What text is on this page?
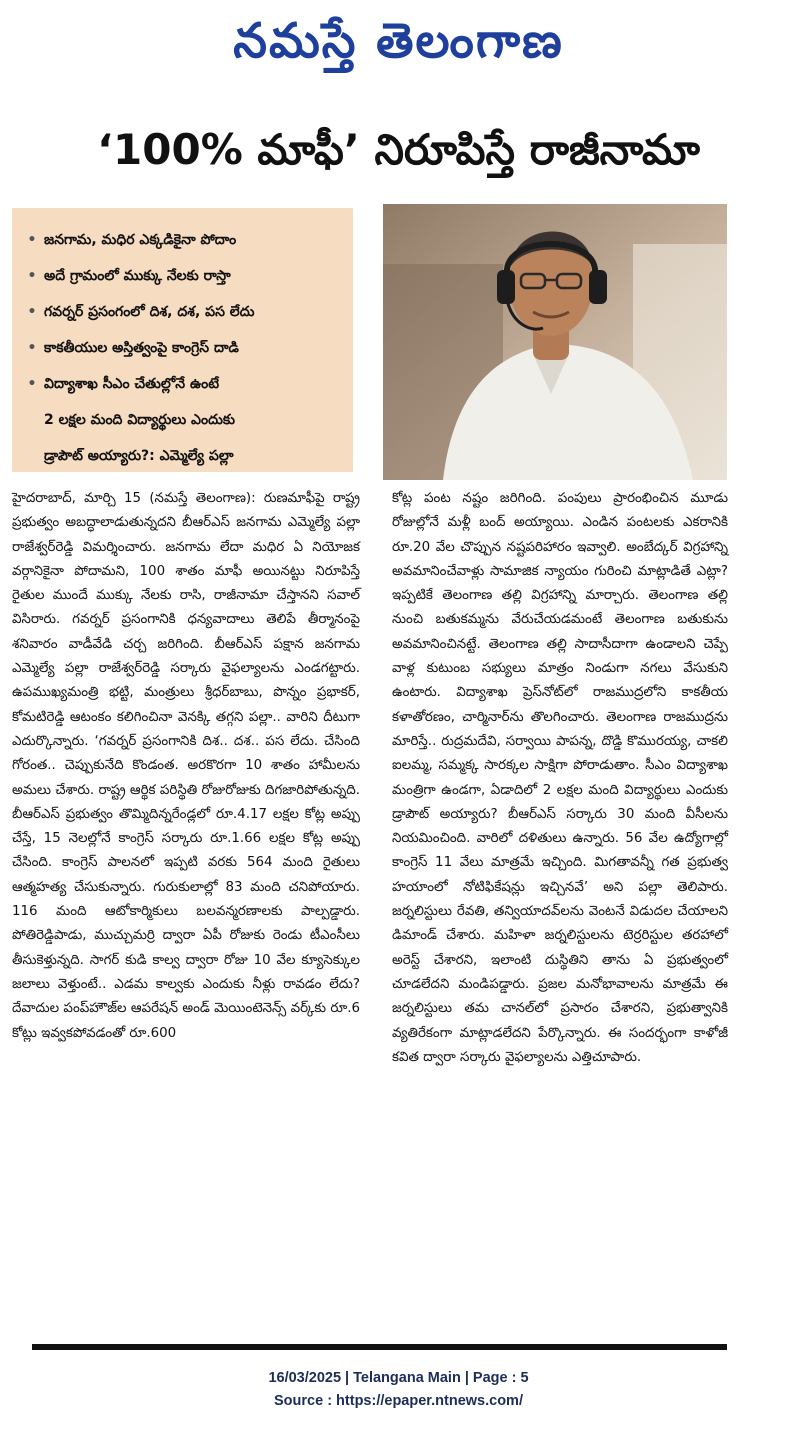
నమస్తే తెలంగాణ
‘100% మాఫీ’ నిరూపిస్తే రాజీనామా
• జనగామ, మధిర ఎక్కడికైనా పోదాం
• అదే గ్రామంలో ముక్కు నేలకు రాస్తా
• గవర్నర్ ప్రసంగంలో దిశ, దశ, పస లేదు
• కాకతీయుల అస్తిత్వంపై కాంగ్రెస్ దాడి
• విద్యాశాఖ సీఎం చేతుల్లోనే ఉంటే
2 లక్షల మంది విద్యార్థులు ఎందుకు
డ్రాపౌట్ అయ్యారు?: ఎమ్మెల్యే పల్లా

హైదరాబాద్, మార్చి 15 (నమస్తే తెలంగాణ): రుణమాఫీపై రాష్ట్ర ప్రభుత్వం అబద్ధాలాడుతున్నదని బీఆర్ఎస్ జనగామ ఎమ్మెల్యే పల్లా రాజేశ్వర్‌రెడ్డి విమర్శించారు. జనగామ లేదా మధిర ఏ నియోజక వర్గానికైనా పోదామని, 100 శాతం మాఫీ అయినట్టు నిరూపిస్తే రైతుల ముందే ముక్కు నేలకు రాసి, రాజీనామా చేస్తానని సవాల్ విసిరారు. గవర్నర్ ప్రసంగానికి ధన్యవాదాలు తెలిపే తీర్మానంపై శనివారం వాడీవేడి చర్చ జరిగింది. బీఆర్ఎస్ పక్షాన జనగామ ఎమ్మెల్యే పల్లా రాజేశ్వర్‌రెడ్డి సర్కారు వైఫల్యాలను ఎండగట్టారు. ఉపముఖ్యమంత్రి భట్టి, మంత్రులు శ్రీధర్‌బాబు, పొన్నం ప్రభాకర్, కోమటిరెడ్డి ఆటంకం కలిగించినా వెనక్కి తగ్గని పల్లా.. వారిని దీటుగా ఎదుర్కొన్నారు. ‘గవర్నర్ ప్రసంగానికి దిశ.. దశ.. పస లేదు. చేసింది గోరంత.. చెప్పుకునేది కొండంత. అరకొరగా 10 శాతం హామీలను అమలు చేశారు. రాష్ట్ర ఆర్థిక పరిస్థితి రోజురోజుకు దిగజారిపోతున్నది. బీఆర్ఎస్ ప్రభుత్వం తొమ్మిదిన్నరేండ్లలో రూ.4.17 లక్షల కోట్ల అప్పు చేస్తే, 15 నెలల్లోనే కాంగ్రెస్ సర్కారు రూ.1.66 లక్షల కోట్ల అప్పు చేసింది. కాంగ్రెస్ పాలనలో ఇప్పటి వరకు 564 మంది రైతులు ఆత్మహత్య చేసుకున్నారు. గురుకులాల్లో 83 మంది చనిపోయారు. 116 మంది ఆటోకార్మికులు బలవన్మరణాలకు పాల్పడ్డారు. పోతిరెడ్డిపాడు, ముచ్చుమర్రి ద్వారా ఏపీ రోజుకు రెండు టీఎంసీలు తీసుకెళ్తున్నది. సాగర్ కుడి కాల్వ ద్వారా రోజు 10 వేల క్యూసెక్కుల జలాలు వెళ్తుంటే.. ఎడమ కాల్వకు ఎందుకు నీళ్లు రావడం లేదు? దేవాదుల పంప్‌హౌజ్‌ల ఆపరేషన్ అండ్ మెయింటెనెన్స్ వర్క్‌కు రూ.6 కోట్లు ఇవ్వకపోవడంతో రూ.600

కోట్ల పంట నష్టం జరిగింది. పంపులు ప్రారంభించిన మూడు రోజుల్లోనే మళ్లీ బంద్ అయ్యాయి. ఎండిన పంటలకు ఎకరానికి రూ.20 వేల చొప్పున నష్టపరిహారం ఇవ్వాలి. అంబేద్కర్ విగ్రహాన్ని అవమానించేవాళ్లు సామాజిక న్యాయం గురించి మాట్లాడితే ఎట్లా? ఇప్పటికే తెలంగాణ తల్లి విగ్రహాన్ని మార్చారు. తెలంగాణ తల్లి నుంచి బతుకమ్మను వేరుచేయడమంటే తెలంగాణ బతుకును అవమానించినట్టే. తెలంగాణ తల్లి సాదాసీదాగా ఉండాలని చెప్పే వాళ్ల కుటుంబ సభ్యులు మాత్రం నిండుగా నగలు వేసుకుని ఉంటారు. విద్యాశాఖ ప్రెస్‌నోట్‌లో రాజముద్రలోని కాకతీయ కళాతోరణం, చార్మినార్‌ను తొలగించారు. తెలంగాణ రాజముద్రను మారిస్తే.. రుద్రమదేవి, సర్వాయి పాపన్న, దొడ్డి కొమురయ్య, చాకలి ఐలమ్మ, సమ్మక్క సారక్కల సాక్షిగా పోరాడుతాం. సీఎం విద్యాశాఖ మంత్రిగా ఉండగా, ఏడాదిలో 2 లక్షల మంది విద్యార్థులు ఎందుకు డ్రాపౌట్ అయ్యారు? బీఆర్ఎస్ సర్కారు 30 మంది వీసీలను నియమించింది. వారిలో దళితులు ఉన్నారు. 56 వేల ఉద్యోగాల్లో కాంగ్రెస్ 11 వేలు మాత్రమే ఇచ్చింది. మిగతావన్నీ గత ప్రభుత్వ హయాంలో నోటిఫికేషన్లు ఇచ్చినవే’ అని పల్లా తెలిపారు. జర్నలిస్టులు రేవతి, తన్వియాదవ్‌లను వెంటనే విడుదల చేయాలని డిమాండ్ చేశారు. మహిళా జర్నలిస్టులను టెర్రరిస్టుల తరహాలో అరెస్ట్ చేశారని, ఇలాంటి దుస్థితిని తాను ఏ ప్రభుత్వంలో చూడలేదని మండిపడ్డారు. ప్రజల మనోభావాలను మాత్రమే ఈ జర్నలిస్టులు తమ చానల్‌లో ప్రసారం చేశారని, ప్రభుత్వానికి వ్యతిరేకంగా మాట్లాడలేదని పేర్కొన్నారు. ఈ సందర్భంగా కాళోజీ కవిత ద్వారా సర్కారు వైఫల్యాలను ఎత్తిచూపారు.

16/03/2025 | Telangana Main | Page : 5
Source : https://epaper.ntnews.com/
